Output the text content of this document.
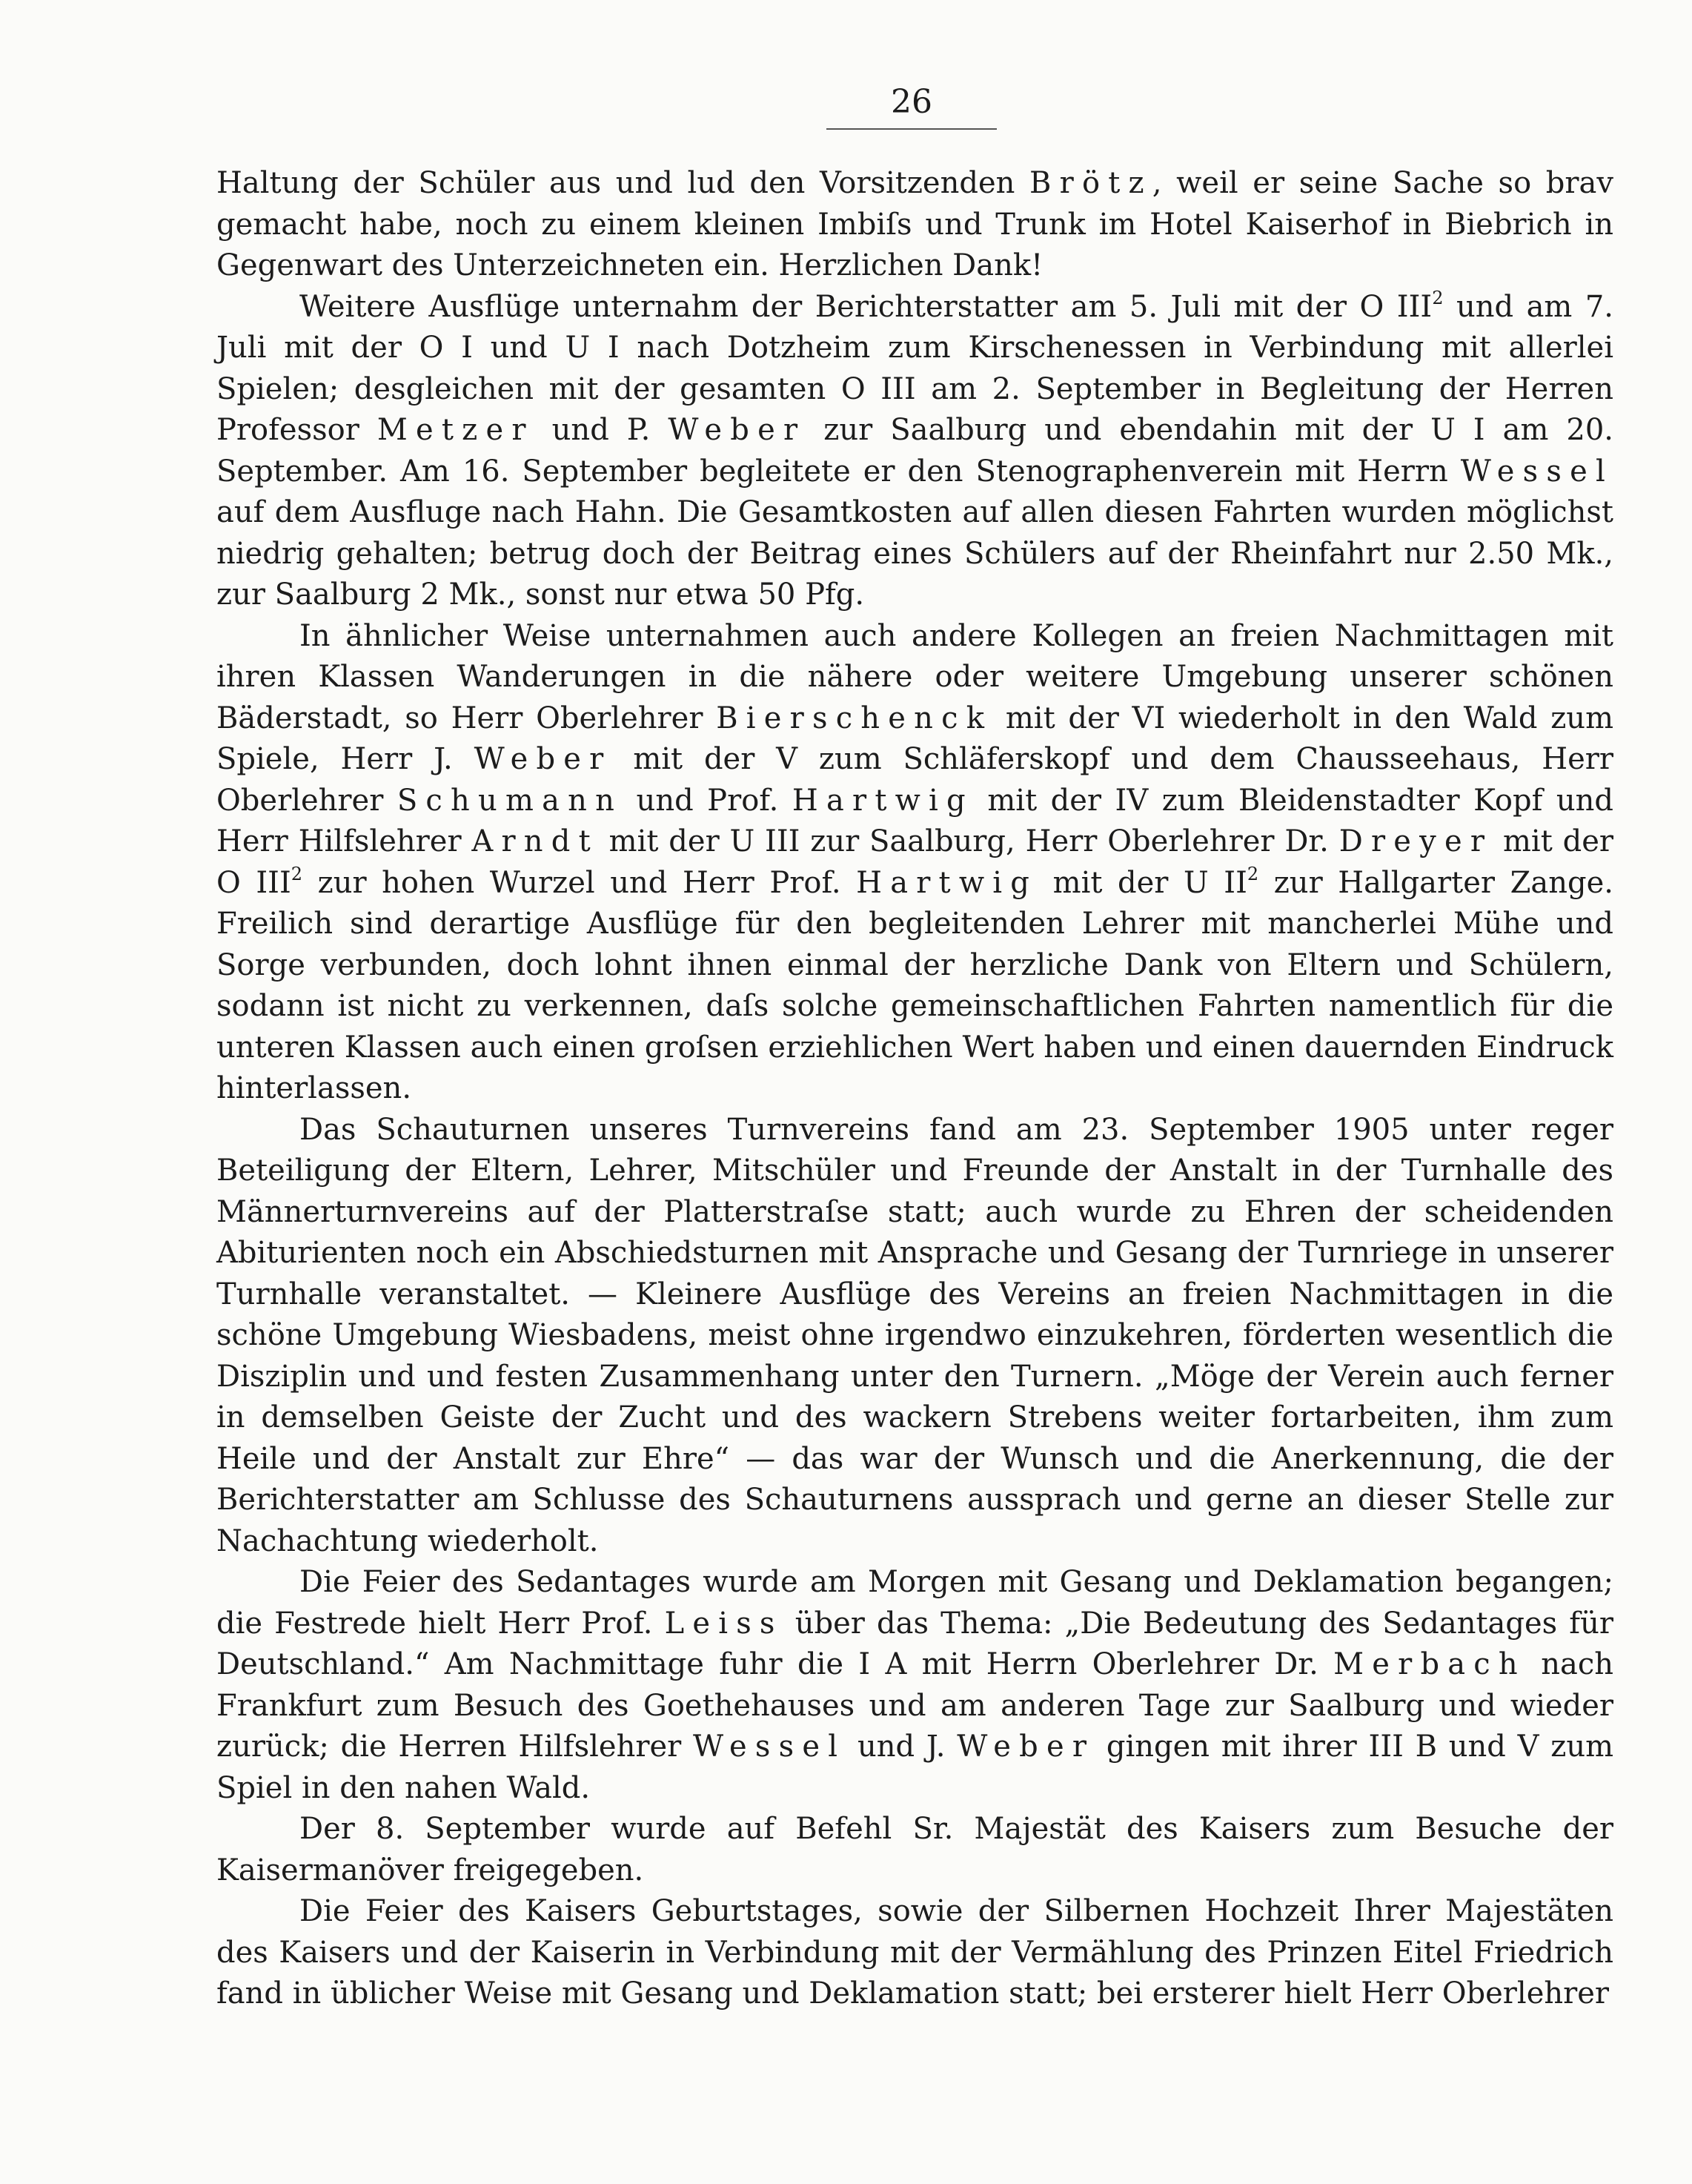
26

Haltung der Schüler aus und lud den Vorsitzenden Brötz, weil er seine Sache so brav gemacht habe, noch zu einem kleinen Imbiſs und Trunk im Hotel Kaiserhof in Biebrich in Gegenwart des Unterzeichneten ein. Herzlichen Dank!

Weitere Ausflüge unternahm der Berichterstatter am 5. Juli mit der O III$^2$ und am 7. Juli mit der O I und U I nach Dotzheim zum Kirschenessen in Verbindung mit allerlei Spielen; desgleichen mit der gesamten O III am 2. September in Begleitung der Herren Professor Metzer und P. Weber zur Saalburg und ebendahin mit der U I am 20. September. Am 16. September begleitete er den Stenographenverein mit Herrn Wessel auf dem Ausfluge nach Hahn. Die Gesamtkosten auf allen diesen Fahrten wurden möglichst niedrig gehalten; betrug doch der Beitrag eines Schülers auf der Rheinfahrt nur 2.50 Mk., zur Saalburg 2 Mk., sonst nur etwa 50 Pfg.

In ähnlicher Weise unternahmen auch andere Kollegen an freien Nachmittagen mit ihren Klassen Wanderungen in die nähere oder weitere Umgebung unserer schönen Bäderstadt, so Herr Oberlehrer Bierschenck mit der VI wiederholt in den Wald zum Spiele, Herr J. Weber mit der V zum Schläferskopf und dem Chausseehaus, Herr Oberlehrer Schumann und Prof. Hartwig mit der IV zum Bleidenstadter Kopf und Herr Hilfslehrer Arndt mit der U III zur Saalburg, Herr Oberlehrer Dr. Dreyer mit der O III$^2$ zur hohen Wurzel und Herr Prof. Hartwig mit der U $II^2$ zur Hallgarter Zange. Freilich sind derartige Ausflüge für den begleitenden Lehrer mit mancherlei Mühe und Sorge verbunden, doch lohnt ihnen einmal der herzliche Dank von Eltern und Schülern, sodann ist nicht zu verkennen, daſs solche gemeinschaftlichen Fahrten namentlich für die unteren Klassen auch einen groſsen erziehlichen Wert haben und einen dauernden Eindruck hinterlassen.

Das Schauturnen unseres Turnvereins fand am 23. September 1905 unter reger Beteiligung der Eltern, Lehrer, Mitschüler und Freunde der Anstalt in der Turnhalle des Männerturnvereins auf der Platterstraſse statt; auch wurde zu Ehren der scheidenden Abiturienten noch ein Abschiedsturnen mit Ansprache und Gesang der Turnriege in unserer Turnhalle veranstaltet. — Kleinere Ausflüge des Vereins an freien Nachmittagen in die schöne Umgebung Wiesbadens, meist ohne irgendwo einzukehren, förderten wesentlich die Disziplin und und festen Zusammenhang unter den Turnern. „Möge der Verein auch ferner in demselben Geiste der Zucht und des wackern Strebens weiter fortarbeiten, ihm zum Heile und der Anstalt zur Ehre“ — das war der Wunsch und die Anerkennung, die der Berichterstatter am Schlusse des Schauturnens aussprach und gerne an dieser Stelle zur Nachachtung wiederholt.

Die Feier des Sedantages wurde am Morgen mit Gesang und Deklamation begangen; die Festrede hielt Herr Prof. Leiss über das Thema: „Die Bedeutung des Sedantages für Deutschland.“ Am Nachmittage fuhr die I A mit Herrn Oberlehrer Dr. Merbach nach Frankfurt zum Besuch des Goethehauses und am anderen Tage zur Saalburg und wieder zurück; die Herren Hilfslehrer Wessel und J. Weber gingen mit ihrer III B und V zum Spiel in den nahen Wald.

Der 8. September wurde auf Befehl Sr. Majestät des Kaisers zum Besuche der Kaisermanöver freigegeben.

Die Feier des Kaisers Geburtstages, sowie der Silbernen Hochzeit Ihrer Majestäten des Kaisers und der Kaiserin in Verbindung mit der Vermählung des Prinzen Eitel Friedrich fand in üblicher Weise mit Gesang und Deklamation statt; bei ersterer hielt Herr Oberlehrer
